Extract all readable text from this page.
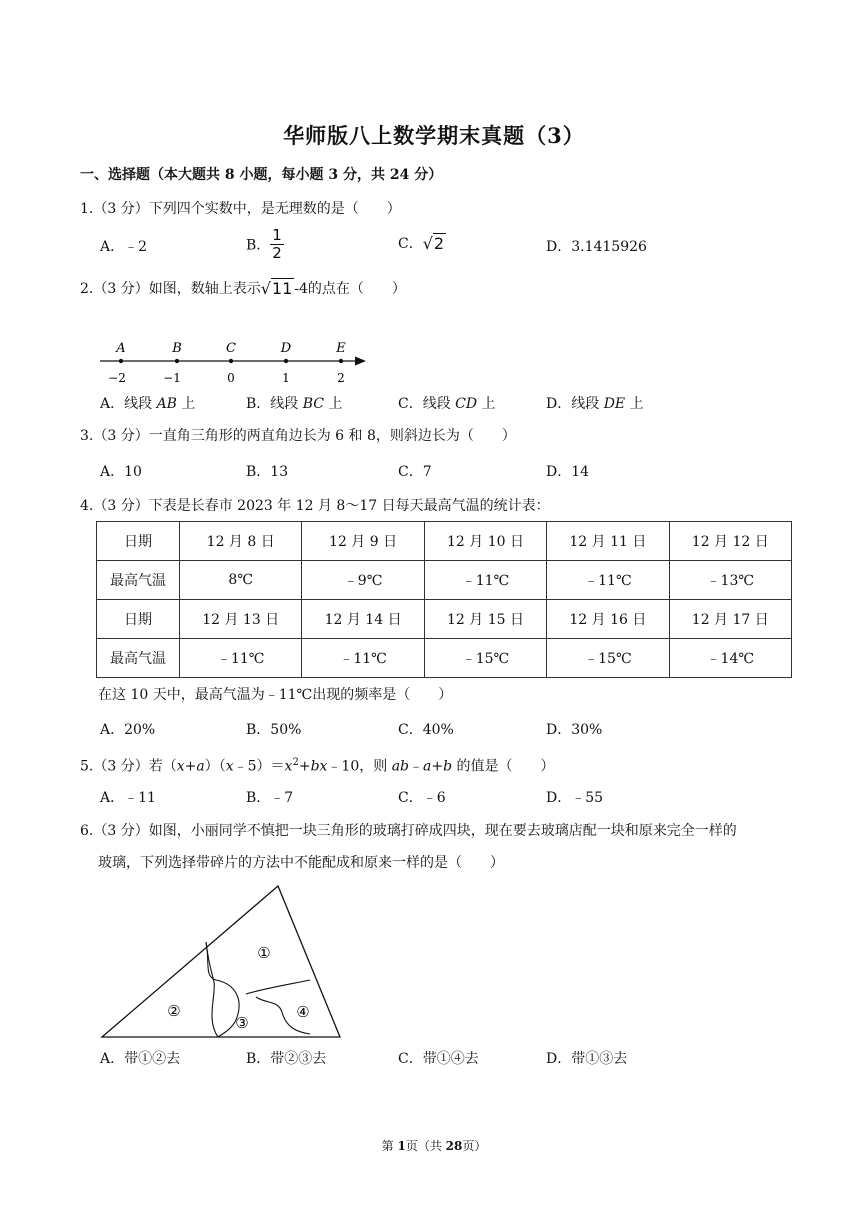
华师版八上数学期末真题（3）
一、选择题（本大题共 8 小题，每小题 3 分，共 24 分）
1.（3 分）下列四个实数中，是无理数的是（　　）
A．﹣2	B． $\frac{1}{2}$	C．√2	D．3.1415926
2.（3 分）如图，数轴上表示√11 -4的点在（　　）
A
−2
B
−1
C
0
D
1
E
2
A．线段 AB 上	B．线段 BC 上	C．线段 CD 上	D．线段 DE 上
3.（3 分）一直角三角形的两直角边长为 6 和 8，则斜边长为（　　）
A．10	B．13	C．7	D．14
4.（3 分）下表是长春市 2023 年 12 月 8～17 日每天最高气温的统计表：
日期	12 月 8 日	12 月 9 日	12 月 10 日	12 月 11 日	12 月 12 日
最高气温	8℃	﹣9℃	﹣11℃	﹣11℃	﹣13℃
日期	12 月 13 日	12 月 14 日	12 月 15 日	12 月 16 日	12 月 17 日
最高气温	﹣11℃	﹣11℃	﹣15℃	﹣15℃	﹣14℃
在这 10 天中，最高气温为﹣11℃出现的频率是（　　）
A．20%	B．50%	C．40%	D．30%
5.（3 分）若$(x+a)(x﹣5)=x^2+bx﹣10$，则 ab﹣a+b 的值是（　　）
A．﹣11	B．﹣7	C．﹣6	D．﹣55
6.（3 分）如图，小丽同学不慎把一块三角形的玻璃打碎成四块，现在要去玻璃店配一块和原来完全一样的
玻璃，下列选择带碎片的方法中不能配成和原来一样的是（　　）
①
②
③
④
A．带①②去	B．带②③去	C．带①④去	D．带①③去
第 1页（共 28页）
